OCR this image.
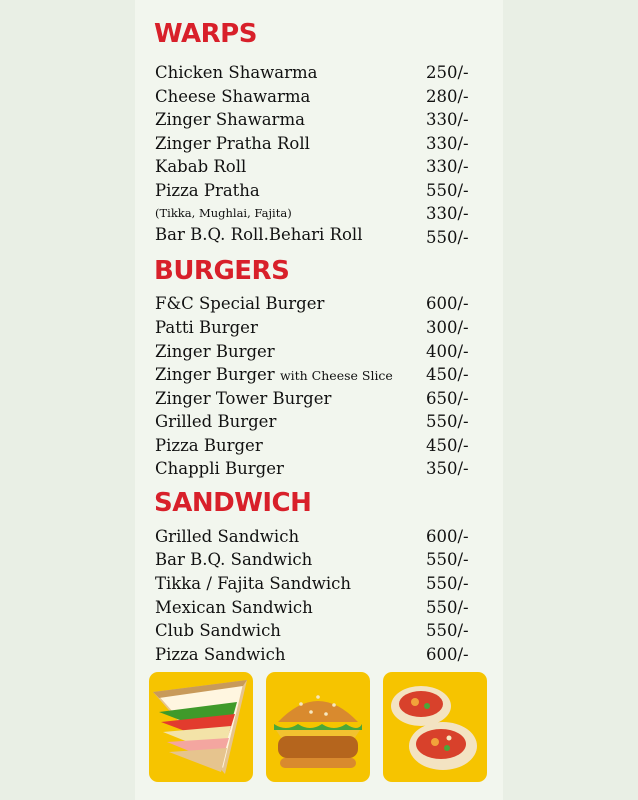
WARPS
Chicken Shawarma	250/-
Cheese Shawarma	280/-
Zinger Shawarma	330/-
Zinger Pratha Roll	330/-
Kabab Roll	330/-
Pizza Pratha	550/-
(Tikka, Mughlai, Fajita)	330/-
Bar B.Q. Roll.Behari Roll	550/-
BURGERS
F&C Special Burger	600/-
Patti Burger	300/-
Zinger Burger	400/-
Zinger Burger with Cheese Slice 450/-
Zinger Tower Burger	650/-
Grilled Burger	550/-
Pizza Burger	450/-
Chappli Burger	350/-
SANDWICH
Grilled Sandwich	600/-
Bar B.Q. Sandwich	550/-
Tikka / Fajita Sandwich	550/-
Mexican Sandwich	550/-
Club Sandwich	550/-
Pizza Sandwich	600/-
